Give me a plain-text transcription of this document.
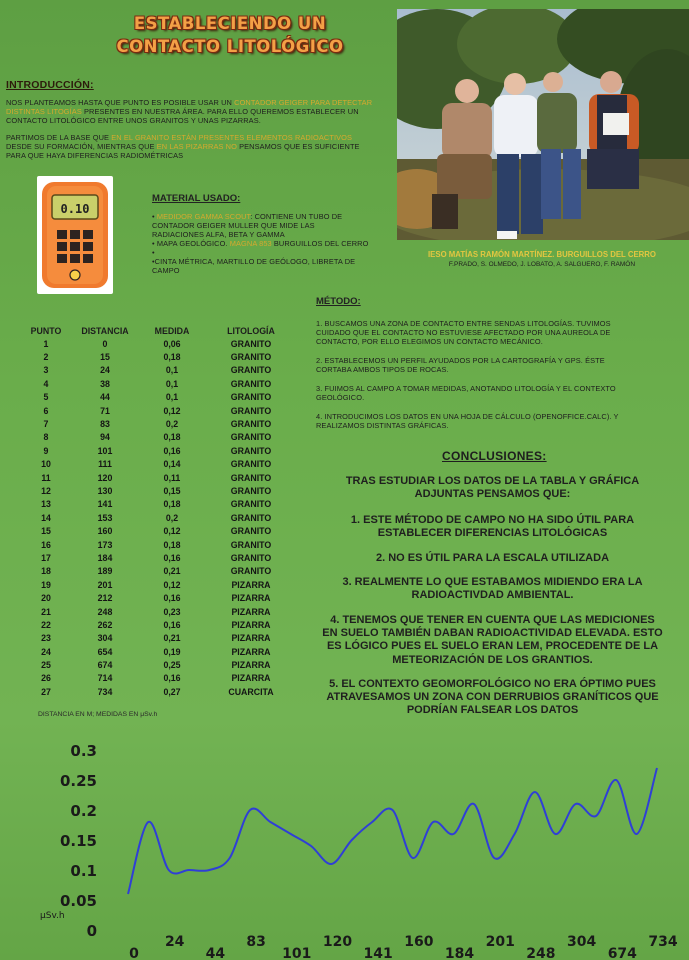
ESTABLECIENDO UN
CONTACTO LITOLÓGICO
INTRODUCCIÓN:
NOS PLANTEAMOS HASTA QUE PUNTO ES POSIBLE USAR UN CONTADOR GEIGER PARA DETECTAR
DISTINTAS LITOGÍAS PRESENTES EN NUESTRA ÁREA. PARA ELLO QUEREMOS ESTABLECER UN
CONTACTO LITOLÓGICO ENTRE UNOS GRANITOS Y UNAS PIZARRAS.
PARTIMOS DE LA BASE QUE EN EL GRANITO ESTÁN PRESENTES ELEMENTOS RADIOACTIVOS
DESDE SU FORMACIÓN, MIENTRAS QUE EN LAS PIZARRAS NO PENSAMOS QUE ES SUFICIENTE
PARA QUE HAYA DIFERENCIAS RADIOMÉTRICAS
IESO MATÍAS RAMÓN MARTÍNEZ. BURGUILLOS DEL CERRO
F.PRADO, S. OLMEDO, J. LOBATO, A. SALGUERO, F. RAMÓN
0.10
MATERIAL USADO:
• MEDIDOR GAMMA SCOUT: CONTIENE UN TUBO DE
CONTADOR GEIGER MULLER QUE MIDE LAS
RADIACIONES ALFA, BETA Y GAMMA
• MAPA GEOLÓGICO. MAGNA 853 BURGUILLOS DEL CERRO
•
•CINTA MÉTRICA, MARTILLO DE GEÓLOGO, LIBRETA DE
CAMPO
MÉTODO:
1. BUSCAMOS UNA ZONA DE CONTACTO ENTRE SENDAS LITOLOGÍAS. TUVIMOS
CUIDADO QUE EL CONTACTO NO ESTUVIESE AFECTADO POR UNA AUREOLA DE
CONTACTO, POR ELLO ELEGIMOS UN CONTACTO MECÁNICO.
2. ESTABLECEMOS UN PERFIL AYUDADOS POR LA CARTOGRAFÍA Y GPS. ÉSTE
CORTABA AMBOS TIPOS DE ROCAS.
3. FUIMOS AL CAMPO A TOMAR MEDIDAS, ANOTANDO LITOLOGÍA Y EL CONTEXTO
GEOLÓGICO.
4. INTRODUCIMOS LOS DATOS EN UNA HOJA DE CÁLCULO (OPENOFFICE.CALC). Y
REALIZAMOS DISTINTAS GRÁFICAS.
PUNTO	DISTANCIA	MEDIDA	LITOLOGÍA
1	0	0,06	GRANITO
2	15	0,18	GRANITO
3	24	0,1	GRANITO
4	38	0,1	GRANITO
5	44	0,1	GRANITO
6	71	0,12	GRANITO
7	83	0,2	GRANITO
8	94	0,18	GRANITO
9	101	0,16	GRANITO
10	111	0,14	GRANITO
11	120	0,11	GRANITO
12	130	0,15	GRANITO
13	141	0,18	GRANITO
14	153	0,2	GRANITO
15	160	0,12	GRANITO
16	173	0,18	GRANITO
17	184	0,16	GRANITO
18	189	0,21	GRANITO
19	201	0,12	PIZARRA
20	212	0,16	PIZARRA
21	248	0,23	PIZARRA
22	262	0,16	PIZARRA
23	304	0,21	PIZARRA
24	654	0,19	PIZARRA
25	674	0,25	PIZARRA
26	714	0,16	PIZARRA
27	734	0,27	CUARCITA
CONCLUSIONES:
TRAS ESTUDIAR LOS DATOS DE LA TABLA Y GRÁFICA
ADJUNTAS PENSAMOS QUE:
1. ESTE MÉTODO DE CAMPO NO HA SIDO ÚTIL PARA
ESTABLECER DIFERENCIAS LITOLÓGICAS
2. NO ES ÚTIL PARA LA ESCALA UTILIZADA
3. REALMENTE LO QUE ESTABAMOS MIDIENDO ERA LA
RADIOACTIVDAD AMBIENTAL.
4. TENEMOS QUE TENER EN CUENTA QUE LAS MEDICIONES
EN SUELO TAMBIÉN DABAN RADIOACTIVIDAD ELEVADA. ESTO
ES LÓGICO PUES EL SUELO ERAN LEM, PROCEDENTE DE LA
METEORIZACIÓN DE LOS GRANTIOS.
5. EL CONTEXTO GEOMORFOLÓGICO NO ERA ÓPTIMO PUES
ATRAVESAMOS UN ZONA CON DERRUBIOS GRANÍTICOS QUE
PODRÍAN FALSEAR LOS DATOS
DISTANCIA EN M; MEDIDAS EN μSv.h
0
0.05
0.1
0.15
0.2
0.25
0.3
μSv.h
0
24
44
83
101
120
141
160
184
201
248
304
674
734
